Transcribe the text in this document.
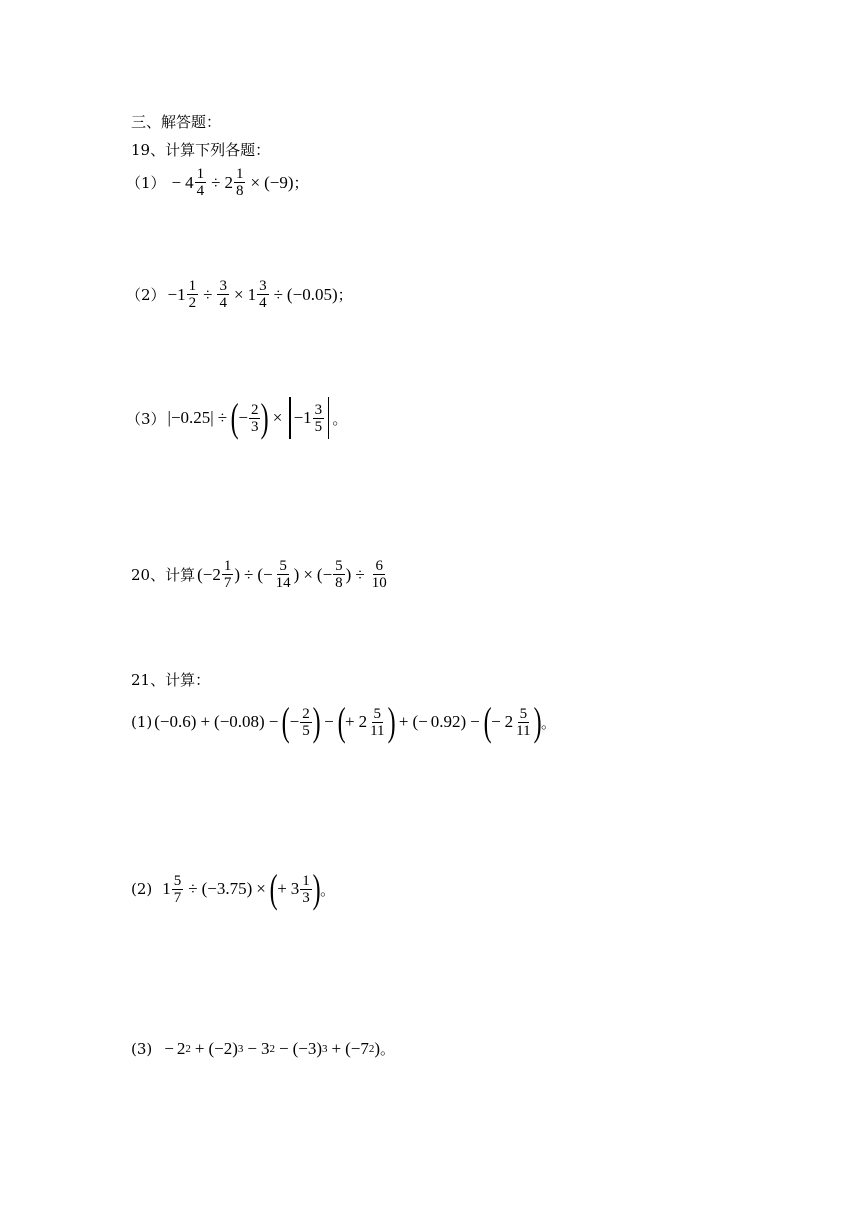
三、解答题：
19、计算下列各题：
$(1) - 4 \frac{1}{4} \div 2 \frac{1}{8}$ × ( − 9 ) ；
$(2) - 1 \frac{1}{2} \div \frac{3}{4} \times 1 \frac{3}{4}$ ÷ ( − 0.05 ) ；
（3） | − 0.25 | ÷ ( − $\frac{2}{3}$ ) × − $1 \frac{3}{5}$ 。
20、计算 ( − $2 \frac{1}{7}$ ) ÷ ( − $\frac{5}{14}$ ) × ( − $\frac{5}{8}$ ) ÷ $\frac{6}{10}$
21、计算：
(1) ( − 0.6 ) + ( − 0.08 ) − ( − $\frac{2}{5}$ ) − ( + $2 \frac{5}{11}$ ) + ( − 0.92 ) − ( − $2 \frac{5}{11}$ ) 。
(2) $1 \frac{5}{7}$ ÷ ( − 3.75 ) × ( + $3 \frac{1}{3}$ ) 。
(3) − 2 2 + ( − 2 ) 3 − 3 2 − ( − 3 ) 3 + ( − 7 2 ) 。
